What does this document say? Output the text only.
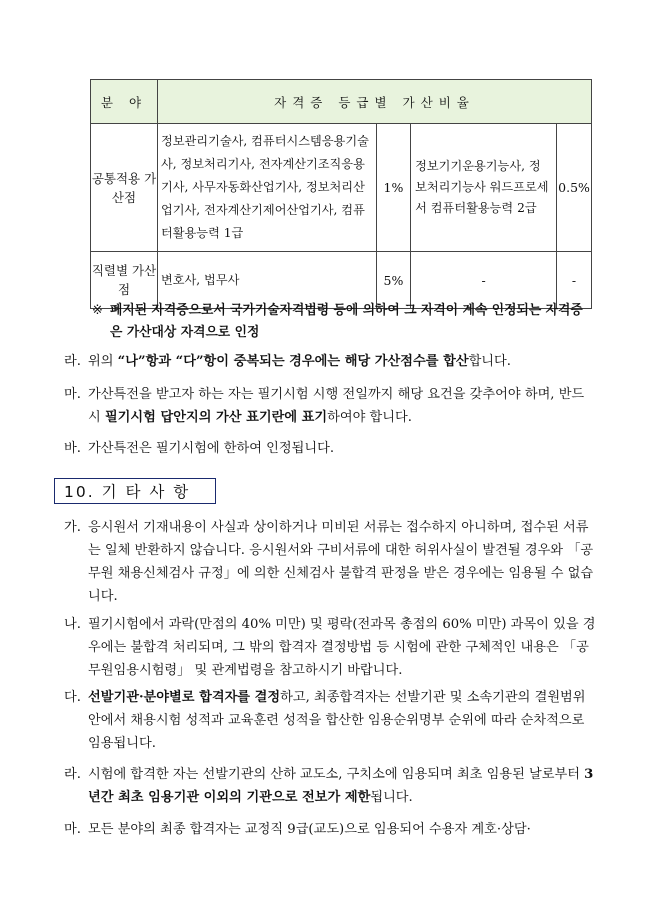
분 야	자격증 등급별 가산비율			
공통적용 가산점	정보관리기술사, 컴퓨터시스템응용기술사, 정보처리기사, 전자계산기조직응용기사, 사무자동화산업기사, 정보처리산업기사, 전자계산기제어산업기사, 컴퓨터활용능력 1급	1%	정보기기운용기능사, 정보처리기능사 워드프로세서 컴퓨터활용능력 2급	0.5%
직렬별 가산점	변호사, 법무사	5%	-	-
※ 폐지된 자격증으로서 국가기술자격법령 등에 의하여 그 자격이 계속 인정되는 자격증은 가산대상 자격으로 인정
라. 위의 “나”항과 “다”항이 중복되는 경우에는 해당 가산점수를 합산합니다.
마. 가산특전을 받고자 하는 자는 필기시험 시행 전일까지 해당 요건을 갖추어야 하며, 반드시 필기시험 답안지의 가산 표기란에 표기하여야 합니다.
바. 가산특전은 필기시험에 한하여 인정됩니다.
10. 기 타 사 항
가. 응시원서 기재내용이 사실과 상이하거나 미비된 서류는 접수하지 아니하며, 접수된 서류는 일체 반환하지 않습니다. 응시원서와 구비서류에 대한 허위사실이 발견될 경우와 「공무원 채용신체검사 규정」에 의한 신체검사 불합격 판정을 받은 경우에는 임용될 수 없습니다.
나. 필기시험에서 과락(만점의 40% 미만) 및 평락(전과목 총점의 60% 미만) 과목이 있을 경우에는 불합격 처리되며, 그 밖의 합격자 결정방법 등 시험에 관한 구체적인 내용은 「공무원임용시험령」 및 관계법령을 참고하시기 바랍니다.
다. 선발기관·분야별로 합격자를 결정하고, 최종합격자는 선발기관 및 소속기관의 결원범위 안에서 채용시험 성적과 교육훈련 성적을 합산한 임용순위명부 순위에 따라 순차적으로 임용됩니다.
라. 시험에 합격한 자는 선발기관의 산하 교도소, 구치소에 임용되며 최초 임용된 날로부터 3년간 최초 임용기관 이외의 기관으로 전보가 제한됩니다.
마. 모든 분야의 최종 합격자는 교정직 9급(교도)으로 임용되어 수용자 계호·상담·
